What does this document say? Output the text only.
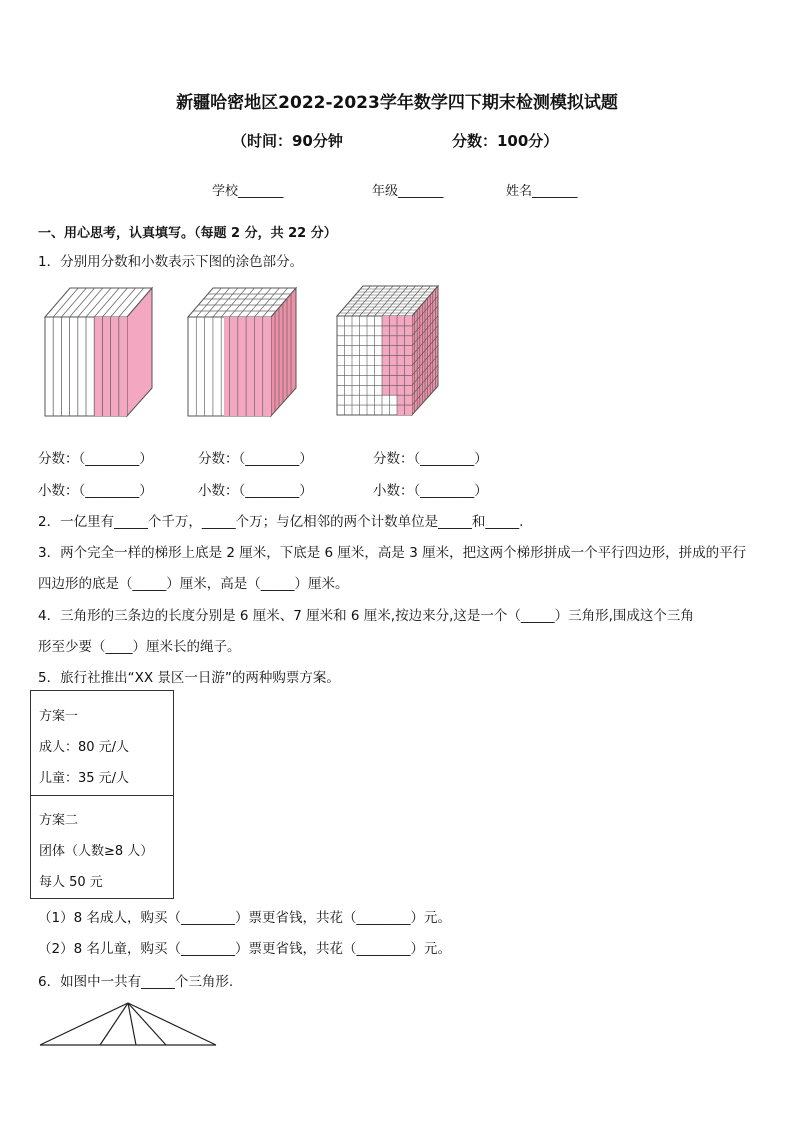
新疆哈密地区2022-2023学年数学四下期末检测模拟试题
（时间：90分钟	分数：100分）
学校_______	年级_______	姓名_______
一、用心思考，认真填写。（每题 2 分，共 22 分）
1．分别用分数和小数表示下图的涂色部分。
分数：（________）	分数：（________）	分数：（________）
小数：（________）	小数：（________）	小数：（________）
2．一亿里有_____个千万，_____个万；与亿相邻的两个计数单位是_____和_____.
3．两个完全一样的梯形上底是 2 厘米，下底是 6 厘米，高是 3 厘米，把这两个梯形拼成一个平行四边形，拼成的平行
四边形的底是（_____）厘米，高是（_____）厘米。
4．三角形的三条边的长度分别是 6 厘米、7 厘米和 6 厘米,按边来分,这是一个（_____）三角形,围成这个三角
形至少要（____）厘米长的绳子。
5．旅行社推出“XX 景区一日游”的两种购票方案。
方案一
成人：80 元/人
儿童：35 元/人
方案二
团体（人数≥8 人）
每人 50 元
（1）8 名成人，购买（________）票更省钱，共花（________）元。
（2）8 名儿童，购买（________）票更省钱，共花（________）元。
6．如图中一共有_____个三角形.
